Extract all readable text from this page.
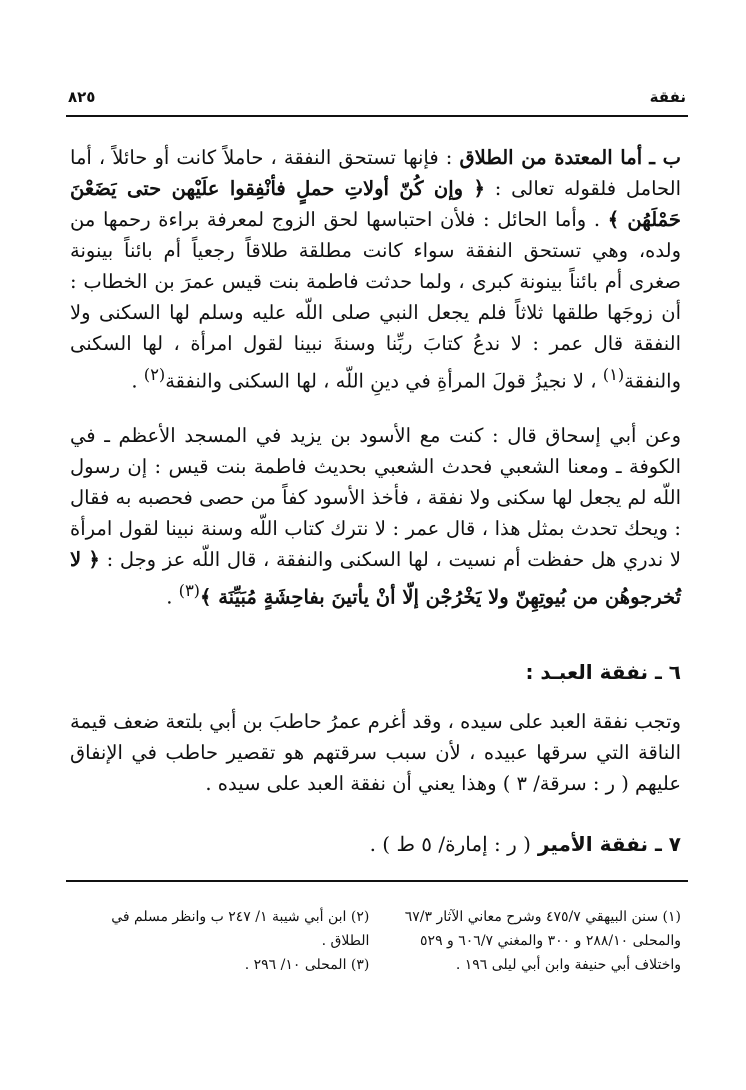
نفقة
٨٢٥

ب ـ أما المعتدة من الطلاق : فإنها تستحق النفقة ، حاملاً كانت أو حائلاً ، أما الحامل فلقوله تعالى : ﴿ وإن كُنّ أولاتِ حملٍ فأنْفِقوا علَيْهن حتى يَضَعْنَ حَمْلَهُن ﴾ . وأما الحائل : فلأن احتباسها لحق الزوج لمعرفة براءة رحمها من ولده، وهي تستحق النفقة سواء كانت مطلقة طلاقاً رجعياً أم بائناً بينونة صغرى أم بائناً بينونة كبرى ، ولما حدثت فاطمة بنت قيس عمرَ بن الخطاب : أن زوجَها طلقها ثلاثاً فلم يجعل النبي صلى اللّه عليه وسلم لها السكنى ولا النفقة قال عمر : لا ندعُ كتابَ ربِّنا وسنةَ نبينا لقول امرأة ، لها السكنى والنفقة$^{(١)}$ ، لا نجيزُ قولَ المرأةِ في دينِ اللّه ، لها السكنى والنفقة$^{(٢)}$ .

وعن أبي إسحاق قال : كنت مع الأسود بن يزيد في المسجد الأعظم ـ في الكوفة ـ ومعنا الشعبي فحدث الشعبي بحديث فاطمة بنت قيس : إن رسول اللّه لم يجعل لها سكنى ولا نفقة ، فأخذ الأسود كفاً من حصى فحصبه به فقال : ويحك تحدث بمثل هذا ، قال عمر : لا نترك كتاب اللّه وسنة نبينا لقول امرأة لا ندري هل حفظت أم نسيت ، لها السكنى والنفقة ، قال اللّه عز وجل : ﴿ لا تُخرجوهُن من بُيوتِهِنّ ولا يَخْرُجْن إلّا أنْ يأتينَ بفاحِشَةٍ مُبَيِّنَة ﴾$^{(٣)}$ .

٦ ـ نفقة العبـد :

وتجب نفقة العبد على سيده ، وقد أغرم عمرُ حاطبَ بن أبي بلتعة ضعف قيمة الناقة التي سرقها عبيده ، لأن سبب سرقتهم هو تقصير حاطب في الإنفاق عليهم ( ر : سرقة/ ٣ ) وهذا يعني أن نفقة العبد على سيده .

٧ ـ نفقة الأمير ( ر : إمارة/ ٥ ط ) .

(١) سنن البيهقي ٤٧٥/٧ وشرح معاني الآثار ٦٧/٣ والمحلى ٢٨٨/١٠ و ٣٠٠ والمغني ٦٠٦/٧ و ٥٢٩ واختلاف أبي حنيفة وابن أبي ليلى ١٩٦ .

(٢) ابن أبي شيبة ١/ ٢٤٧ ب وانظر مسلم في الطلاق .

(٣) المحلى ١٠/ ٢٩٦ .
